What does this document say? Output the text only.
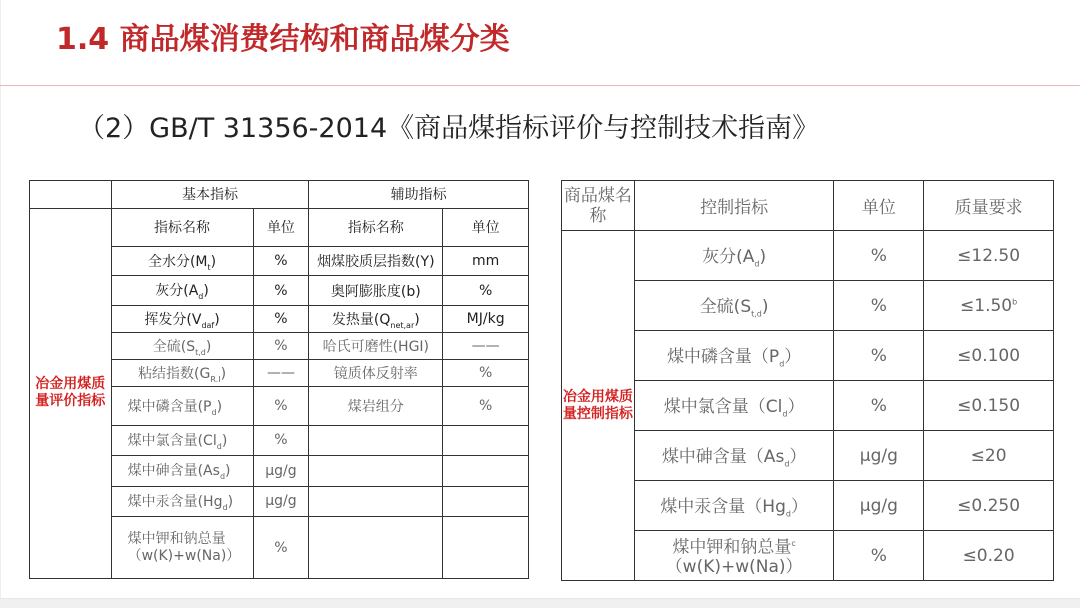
1.4 商品煤消费结构和商品煤分类
（2）GB/T 31356-2014《商品煤指标评价与控制技术指南》
	基本指标		辅助指标	
冶金用煤质量评价指标	指标名称	单位	指标名称	单位
	全水分$(M_t)$	%	烟煤胶质层指数(Y)	mm
	灰分$(A_d)$	%	奥阿膨胀度(b)	%
	挥发分$(V_{daf})$	%	发热量$(Q_{net,ar})$	MJ/kg
	全硫$(S_{t,d})$	%	哈氏可磨性(HGI)	——
	粘结指数$(G_{R.I})$	——	镜质体反射率	%
	煤中磷含量$(P_d)$	%	煤岩组分	%
	煤中氯含量$(Cl_d)$	%		
	煤中砷含量$(As_d)$	μg/g		
	煤中汞含量$(Hg_d)$	μg/g		
	煤中钾和钠总量
（w(K)+w(Na)）	%		
商品煤名称	控制指标	单位	质量要求
冶金用煤质量控制指标	灰分$(A_d)$	%	≤12.50
	全硫$(S_{t,d})$	%	≤1.50$^b$
	煤中磷含量$(P_d)$	%	≤0.100
	煤中氯含量$(Cl_d)$	%	≤0.150
	煤中砷含量$(As_d)$	μg/g	≤20
	煤中汞含量$(Hg_d)$	μg/g	≤0.250
	煤中钾和钠总量$^c$
（w(K)+w(Na)）	%	≤0.20
